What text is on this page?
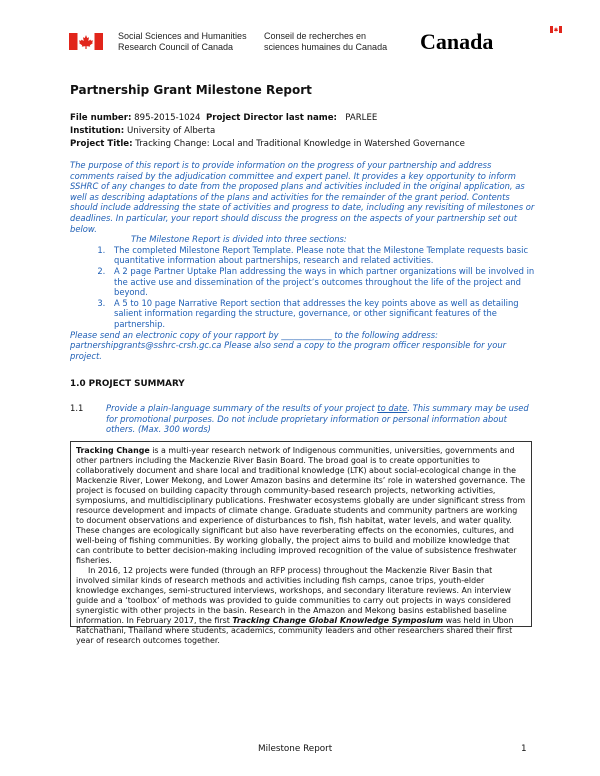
Social Sciences and Humanities
Research Council of Canada
Conseil de recherches en
sciences humaines du Canada Canada
Partnership Grant Milestone Report
File number: 895-2015-1024 Project Director last name: PARLEE
Institution: University of Alberta
Project Title: Tracking Change: Local and Traditional Knowledge in Watershed Governance

The purpose of this report is to provide information on the progress of your partnership and address comments raised by the adjudication committee and expert panel. It provides a key opportunity to inform SSHRC of any changes to date from the proposed plans and activities included in the original application, as well as describing adaptations of the plans and activities for the remainder of the grant period. Contents should include addressing the state of activities and progress to date, including any revisiting of milestones or deadlines. In particular, your report should discuss the progress on the aspects of your partnership set out below.

The Milestone Report is divided into three sections:

1. The completed Milestone Report Template. Please note that the Milestone Template requests basic quantitative information about partnerships, research and related activities.
2. A 2 page Partner Uptake Plan addressing the ways in which partner organizations will be involved in the active use and dissemination of the project’s outcomes throughout the life of the project and beyond.
3. A 5 to 10 page Narrative Report section that addresses the key points above as well as detailing salient information regarding the structure, governance, or other significant features of the partnership.

Please send an electronic copy of your rapport by ____________ to the following address: partnershipgrants@sshrc-crsh.gc.ca Please also send a copy to the program officer responsible for your project.

1.0 PROJECT SUMMARY
1.1	Provide a plain-language summary of the results of your project to date. This summary may be used for promotional purposes. Do not include proprietary information or personal information about others. (Max. 300 words)

Tracking Change is a multi-year research network of Indigenous communities, universities, governments and other partners including the Mackenzie River Basin Board. The broad goal is to create opportunities to collaboratively document and share local and traditional knowledge (LTK) about social-ecological change in the Mackenzie River, Lower Mekong, and Lower Amazon basins and determine its’ role in watershed governance. The project is focused on building capacity through community-based research projects, networking activities, symposiums, and multidisciplinary publications. Freshwater ecosystems globally are under significant stress from resource development and impacts of climate change. Graduate students and community partners are working to document observations and experience of disturbances to fish, fish habitat, water levels, and water quality. These changes are ecologically significant but also have reverberating effects on the economies, cultures, and well-being of fishing communities. By working globally, the project aims to build and mobilize knowledge that can contribute to better decision-making including improved recognition of the value of subsistence freshwater fisheries.

In 2016, 12 projects were funded (through an RFP process) throughout the Mackenzie River Basin that involved similar kinds of research methods and activities including fish camps, canoe trips, youth-elder knowledge exchanges, semi-structured interviews, workshops, and secondary literature reviews. An interview guide and a ‘toolbox’ of methods was provided to guide communities to carry out projects in ways considered synergistic with other projects in the basin. Research in the Amazon and Mekong basins established baseline information. In February 2017, the first Tracking Change Global Knowledge Symposium was held in Ubon Ratchathani, Thailand where students, academics, community leaders and other researchers shared their first year of research outcomes together.

Milestone Report	1
